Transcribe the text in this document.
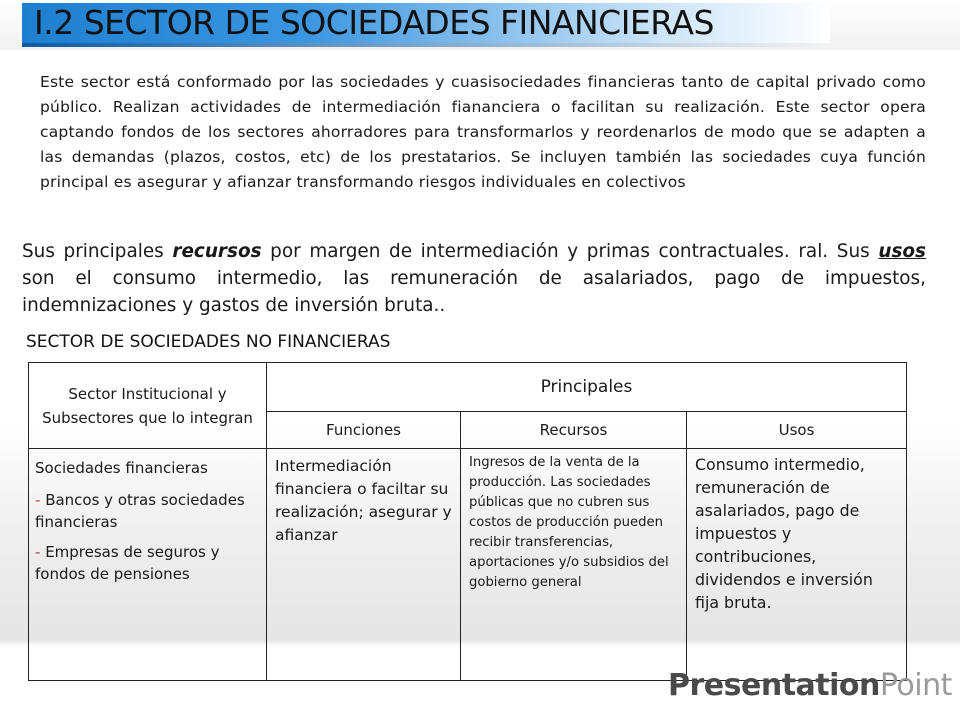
I.2 SECTOR DE SOCIEDADES FINANCIERAS

Este sector está conformado por las sociedades y cuasisociedades financieras tanto de capital privado como público. Realizan actividades de intermediación fiananciera o facilitan su realización. Este sector opera captando fondos de los sectores ahorradores para transformarlos y reordenarlos de modo que se adapten a las demandas (plazos, costos, etc) de los prestatarios. Se incluyen también las sociedades cuya función principal es asegurar y afianzar transformando riesgos individuales en colectivos

Sus principales recursos por margen de intermediación y primas contractuales. ral. Sus usos son el consumo intermedio, las remuneración de asalariados, pago de impuestos, indemnizaciones y gastos de inversión bruta..

SECTOR DE SOCIEDADES NO FINANCIERAS
Sector Institucional y Subsectores que lo integran	Principales		
	Funciones	Recursos	Usos

Sociedades financieras

- Bancos y otras sociedades financieras

- Empresas de seguros y fondos de pensiones	Intermediación financiera o faciltar su realización; asegurar y afianzar	Ingresos de la venta de la producción. Las sociedades públicas que no cubren sus costos de producción pueden recibir transferencias, aportaciones y/o subsidios del gobierno general	Consumo intermedio, remuneración de asalariados, pago de impuestos y contribuciones, dividendos e inversión fija bruta.
PresentationPoint
